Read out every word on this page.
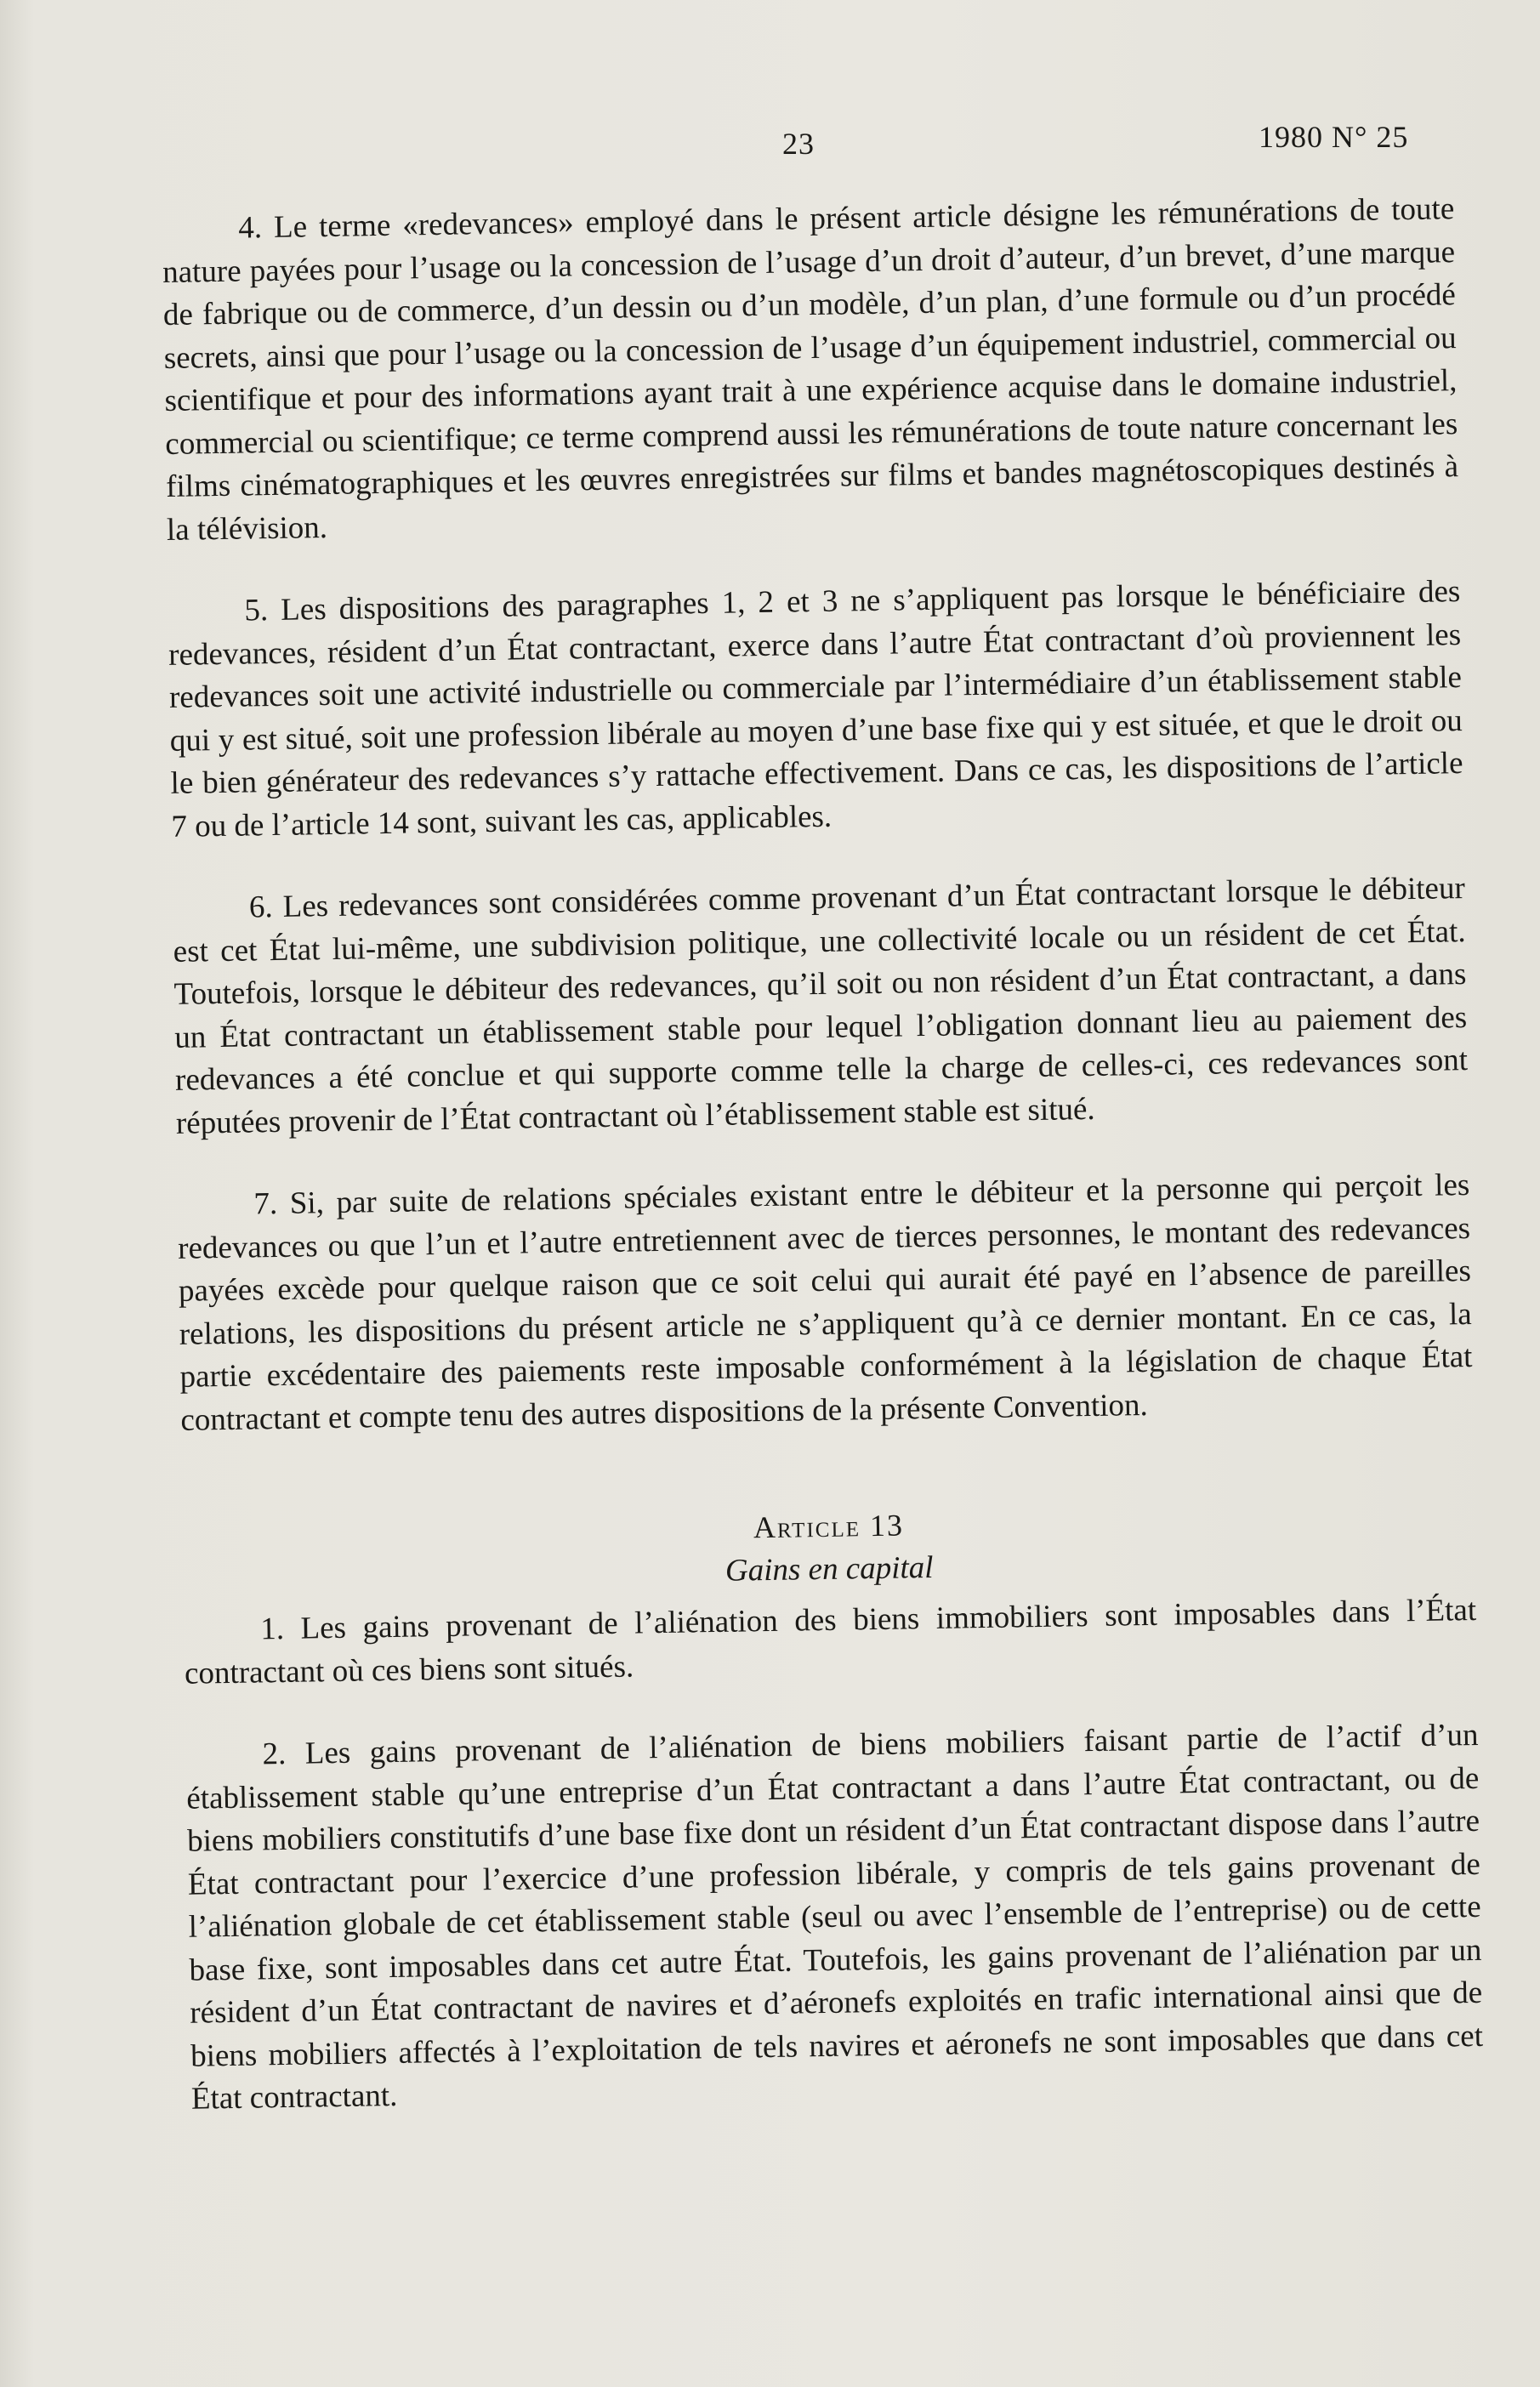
23	1980 N° 25

4. Le terme «redevances» employé dans le présent article désigne les rémunérations de toute nature payées pour l’usage ou la concession de l’usage d’un droit d’auteur, d’un brevet, d’une marque de fabrique ou de commerce, d’un dessin ou d’un modèle, d’un plan, d’une formule ou d’un procédé secrets, ainsi que pour l’usage ou la concession de l’usage d’un équipement industriel, commercial ou scientifique et pour des informations ayant trait à une expérience acquise dans le domaine industriel, commercial ou scientifique; ce terme comprend aussi les rémunérations de toute nature concernant les films cinématographiques et les œuvres enregistrées sur films et bandes magnétoscopiques destinés à la télévision.

5. Les dispositions des paragraphes 1, 2 et 3 ne s’appliquent pas lorsque le bénéficiaire des redevances, résident d’un État contractant, exerce dans l’autre État contractant d’où proviennent les redevances soit une activité industrielle ou commerciale par l’intermédiaire d’un établissement stable qui y est situé, soit une profession libérale au moyen d’une base fixe qui y est située, et que le droit ou le bien générateur des redevances s’y rattache effectivement. Dans ce cas, les dispositions de l’article 7 ou de l’article 14 sont, suivant les cas, applicables.

6. Les redevances sont considérées comme provenant d’un État contractant lorsque le débiteur est cet État lui-même, une subdivision politique, une collectivité locale ou un résident de cet État. Toutefois, lorsque le débiteur des redevances, qu’il soit ou non résident d’un État contractant, a dans un État contractant un établissement stable pour lequel l’obligation donnant lieu au paiement des redevances a été conclue et qui supporte comme telle la charge de celles-ci, ces redevances sont réputées provenir de l’État contractant où l’établissement stable est situé.

7. Si, par suite de relations spéciales existant entre le débiteur et la personne qui perçoit les redevances ou que l’un et l’autre entretiennent avec de tierces personnes, le montant des redevances payées excède pour quelque raison que ce soit celui qui aurait été payé en l’absence de pareilles relations, les dispositions du présent article ne s’appliquent qu’à ce dernier montant. En ce cas, la partie excédentaire des paiements reste imposable conformément à la législation de chaque État contractant et compte tenu des autres dispositions de la présente Convention.

Article 13
Gains en capital

1. Les gains provenant de l’aliénation des biens immobiliers sont imposables dans l’État contractant où ces biens sont situés.

2. Les gains provenant de l’aliénation de biens mobiliers faisant partie de l’actif d’un établissement stable qu’une entreprise d’un État contractant a dans l’autre État contractant, ou de biens mobiliers constitutifs d’une base fixe dont un résident d’un État contractant dispose dans l’autre État contractant pour l’exercice d’une profession libérale, y compris de tels gains provenant de l’aliénation globale de cet établissement stable (seul ou avec l’ensemble de l’entreprise) ou de cette base fixe, sont imposables dans cet autre État. Toutefois, les gains provenant de l’aliénation par un résident d’un État contractant de navires et d’aéronefs exploités en trafic international ainsi que de biens mobiliers affectés à l’exploitation de tels navires et aéronefs ne sont imposables que dans cet État contractant.
